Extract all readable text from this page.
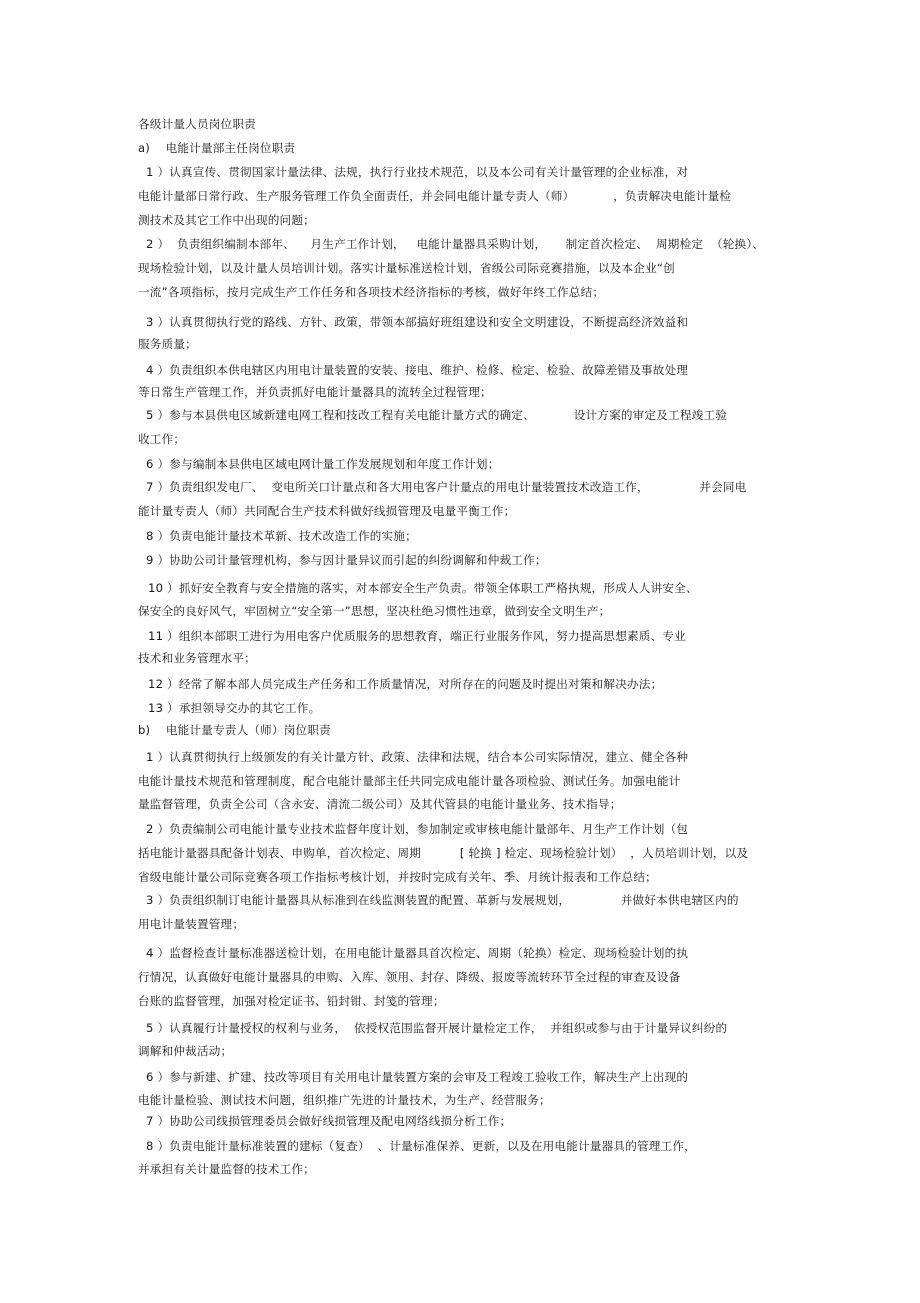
各级计量人员岗位职责
a)    电能计量部主任岗位职责
1 ）认真宣传、贯彻国家计量法律、法规，执行行业技术规范，以及本公司有关计量管理的企业标准，对
电能计量部日常行政、生产服务管理工作负全面责任，并会同电能计量专责人（师）          ，负责解决电能计量检
测技术及其它工作中出现的问题；
2 ）  负责组织编制本部年、    月生产工作计划，   电能计量器具采购计划，     制定首次检定、  周期检定  （轮换）、
现场检验计划，以及计量人员培训计划。落实计量标准送检计划，省级公司际竞赛措施，以及本企业“创
一流”各项指标，按月完成生产工作任务和各项技术经济指标的考核，做好年终工作总结；
3 ）认真贯彻执行党的路线、方针、政策，带领本部搞好班组建设和安全文明建设，不断提高经济效益和
服务质量；
4 ）负责组织本供电辖区内用电计量装置的安装、接电、维护、检修、检定、检验、故障差错及事故处理
等日常生产管理工作，并负责抓好电能计量器具的流转全过程管理；
5 ）参与本县供电区域新建电网工程和技改工程有关电能计量方式的确定、          设计方案的审定及工程竣工验
收工作；
6 ）参与编制本县供电区域电网计量工作发展规划和年度工作计划；
7 ）负责组织发电厂、  变电所关口计量点和各大用电客户计量点的用电计量装置技术改造工作，             并会同电
能计量专责人（师）共同配合生产技术科做好线损管理及电量平衡工作；
8 ）负责电能计量技术革新、技术改造工作的实施；
9 ）协助公司计量管理机构，参与因计量异议而引起的纠纷调解和仲裁工作；
10 ）抓好安全教育与安全措施的落实，对本部安全生产负责。带领全体职工严格执规，形成人人讲安全、
保安全的良好风气，牢固树立“安全第一”思想，坚决杜绝习惯性违章，做到安全文明生产；
11 ）组织本部职工进行为用电客户优质服务的思想教育，端正行业服务作风，努力提高思想素质、专业
技术和业务管理水平；
12 ）经常了解本部人员完成生产任务和工作质量情况，对所存在的问题及时提出对策和解决办法；
13 ）承担领导交办的其它工作。
b)    电能计量专责人（师）岗位职责
1 ）认真贯彻执行上级颁发的有关计量方针、政策、法律和法规，结合本公司实际情况，建立、健全各种
电能计量技术规范和管理制度，配合电能计量部主任共同完成电能计量各项检验、测试任务。加强电能计
量监督管理，负责全公司（含永安、清流二级公司）及其代管县的电能计量业务、技术指导；
2 ）负责编制公司电能计量专业技术监督年度计划，参加制定或审核电能计量部年、月生产工作计划（包
括电能计量器具配备计划表、申购单，首次检定、周期          [ 轮换 ] 检定、现场检验计划）  ，人员培训计划，以及
省级电能计量公司际竞赛各项工作指标考核计划，并按时完成有关年、季、月统计报表和工作总结；
3 ）负责组织制订电能计量器具从标准到在线监测装置的配置、革新与发展规划，             并做好本供电辖区内的
用电计量装置管理；
4 ）监督检查计量标准器送检计划，在用电能计量器具首次检定、周期（轮换）检定、现场检验计划的执
行情况，认真做好电能计量器具的申购、入库、领用、封存、降级、报废等流转环节全过程的审查及设备
台账的监督管理，加强对检定证书、铅封钳、封笺的管理；
5 ）认真履行计量授权的权利与业务，  依授权范围监督开展计量检定工作，  并组织或参与由于计量异议纠纷的
调解和仲裁活动；
6 ）参与新建、扩建、技改等项目有关用电计量装置方案的会审及工程竣工验收工作，解决生产上出现的
电能计量检验、测试技术问题，组织推广先进的计量技术，为生产、经营服务；
7 ）协助公司线损管理委员会做好线损管理及配电网络线损分析工作；
8 ）负责电能计量标准装置的建标（复查）  、计量标准保养、更新，以及在用电能计量器具的管理工作，
并承担有关计量监督的技术工作；
